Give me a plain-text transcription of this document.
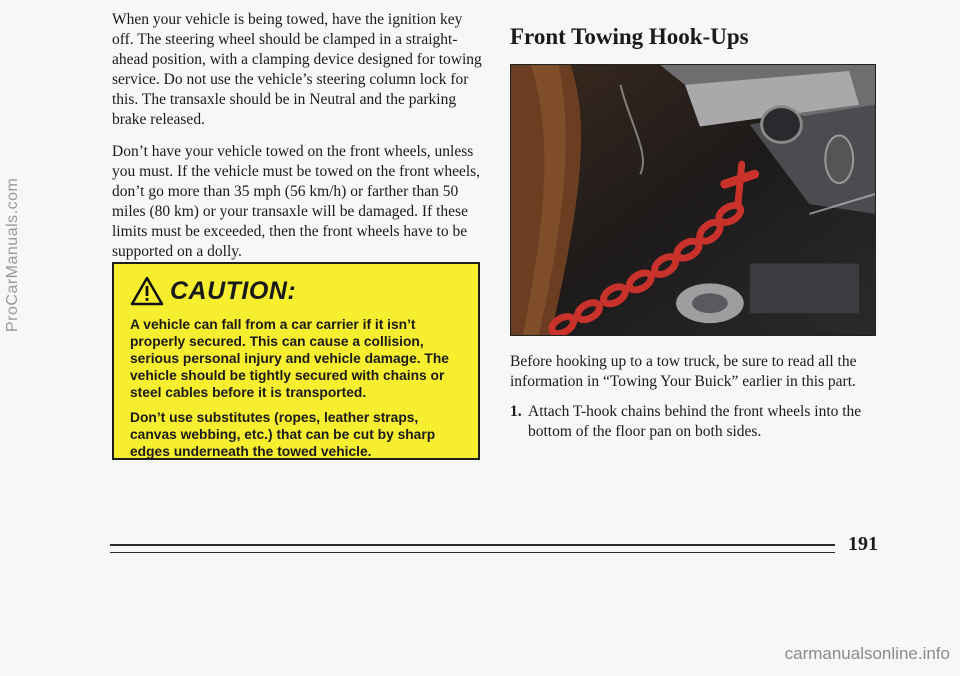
ProCarManuals.com

When your vehicle is being towed, have the ignition key off. The steering wheel should be clamped in a straight-ahead position, with a clamping device designed for towing service. Do not use the vehicle’s steering column lock for this. The transaxle should be in Neutral and the parking brake released.

Don’t have your vehicle towed on the front wheels, unless you must. If the vehicle must be towed on the front wheels, don’t go more than 35 mph (56 km/h) or farther than 50 miles (80 km) or your transaxle will be damaged. If these limits must be exceeded, then the front wheels have to be supported on a dolly.

CAUTION:

A vehicle can fall from a car carrier if it isn’t properly secured. This can cause a collision, serious personal injury and vehicle damage. The vehicle should be tightly secured with chains or steel cables before it is transported.

Don’t use substitutes (ropes, leather straps, canvas webbing, etc.) that can be cut by sharp edges underneath the towed vehicle.

Front Towing Hook-Ups
Before hooking up to a tow truck, be sure to read all the information in “Towing Your Buick” earlier in this part.
1. Attach T-hook chains behind the front wheels into the bottom of the floor pan on both sides.
191
carmanualsonline.info
